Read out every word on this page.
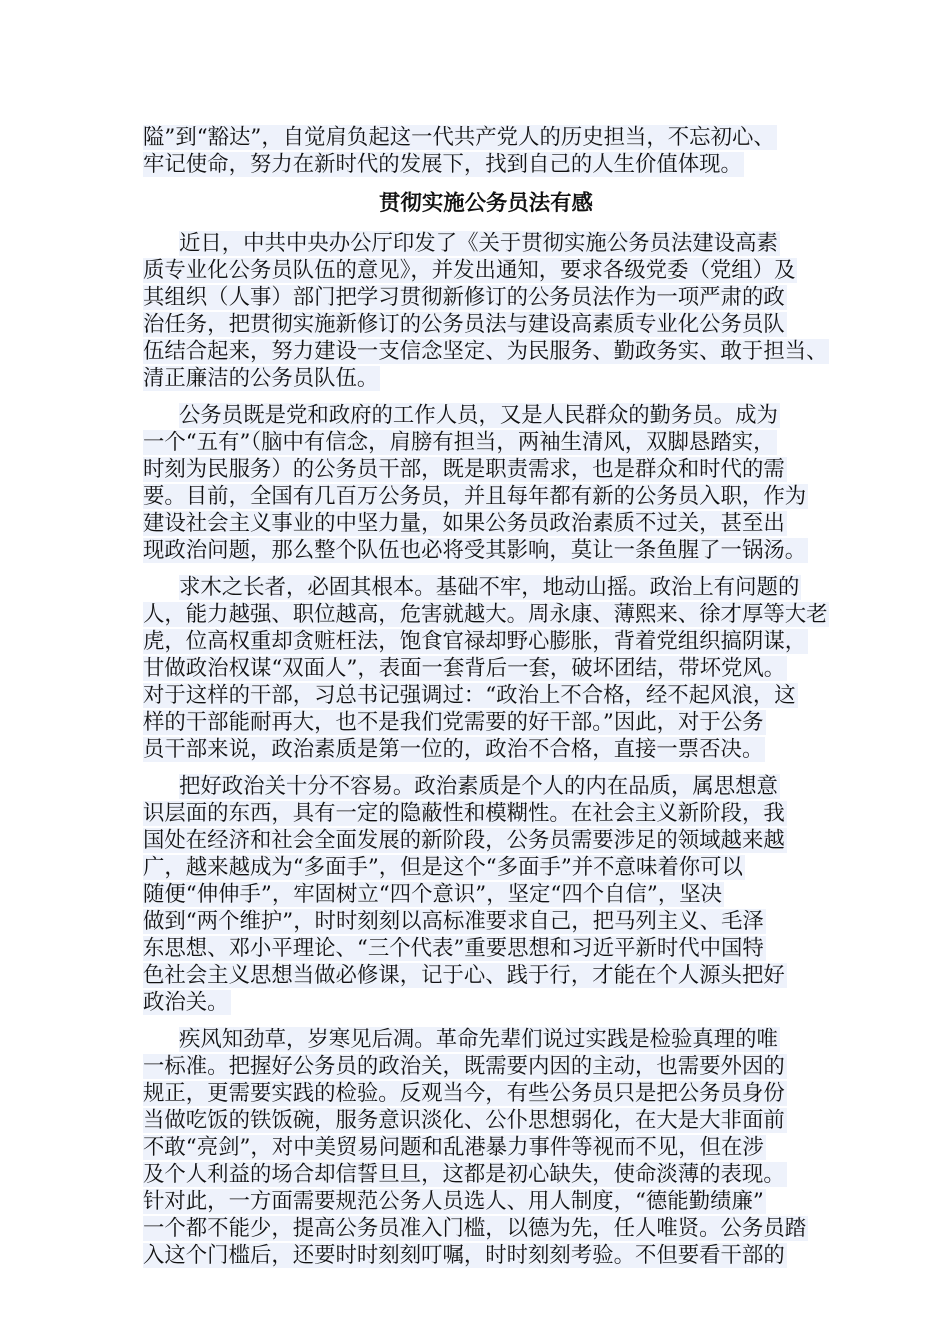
隘”到“豁达”，自觉肩负起这一代共产党人的历史担当，不忘初心、
牢记使命，努力在新时代的发展下，找到自己的人生价值体现。
贯彻实施公务员法有感
近日，中共中央办公厅印发了《关于贯彻实施公务员法建设高素
质专业化公务员队伍的意见》，并发出通知，要求各级党委（党组）及
其组织（人事）部门把学习贯彻新修订的公务员法作为一项严肃的政
治任务，把贯彻实施新修订的公务员法与建设高素质专业化公务员队
伍结合起来，努力建设一支信念坚定、为民服务、勤政务实、敢于担当、
清正廉洁的公务员队伍。
公务员既是党和政府的工作人员，又是人民群众的勤务员。成为
一个“五有”（脑中有信念，肩膀有担当，两袖生清风，双脚恳踏实，
时刻为民服务）的公务员干部，既是职责需求，也是群众和时代的需
要。目前，全国有几百万公务员，并且每年都有新的公务员入职，作为
建设社会主义事业的中坚力量，如果公务员政治素质不过关，甚至出
现政治问题，那么整个队伍也必将受其影响，莫让一条鱼腥了一锅汤。
求木之长者，必固其根本。基础不牢，地动山摇。政治上有问题的
人，能力越强、职位越高，危害就越大。周永康、薄熙来、徐才厚等大老
虎，位高权重却贪赃枉法，饱食官禄却野心膨胀，背着党组织搞阴谋，
甘做政治权谋“双面人”，表面一套背后一套，破坏团结，带坏党风。
对于这样的干部，习总书记强调过：“政治上不合格，经不起风浪，这
样的干部能耐再大，也不是我们党需要的好干部。”因此，对于公务
员干部来说，政治素质是第一位的，政治不合格，直接一票否决。
把好政治关十分不容易。政治素质是个人的内在品质，属思想意
识层面的东西，具有一定的隐蔽性和模糊性。在社会主义新阶段，我
国处在经济和社会全面发展的新阶段，公务员需要涉足的领域越来越
广，越来越成为“多面手”，但是这个“多面手”并不意味着你可以
随便“伸伸手”，牢固树立“四个意识”，坚定“四个自信”，坚决
做到“两个维护”，时时刻刻以高标准要求自己，把马列主义、毛泽
东思想、邓小平理论、“三个代表”重要思想和习近平新时代中国特
色社会主义思想当做必修课，记于心、践于行，才能在个人源头把好
政治关。
疾风知劲草，岁寒见后凋。革命先辈们说过实践是检验真理的唯
一标准。把握好公务员的政治关，既需要内因的主动，也需要外因的
规正，更需要实践的检验。反观当今，有些公务员只是把公务员身份
当做吃饭的铁饭碗，服务意识淡化、公仆思想弱化，在大是大非面前
不敢“亮剑”，对中美贸易问题和乱港暴力事件等视而不见，但在涉
及个人利益的场合却信誓旦旦，这都是初心缺失，使命淡薄的表现。
针对此，一方面需要规范公务人员选人、用人制度，“德能勤绩廉”
一个都不能少，提高公务员准入门槛，以德为先，任人唯贤。公务员踏
入这个门槛后，还要时时刻刻叮嘱，时时刻刻考验。不但要看干部的
